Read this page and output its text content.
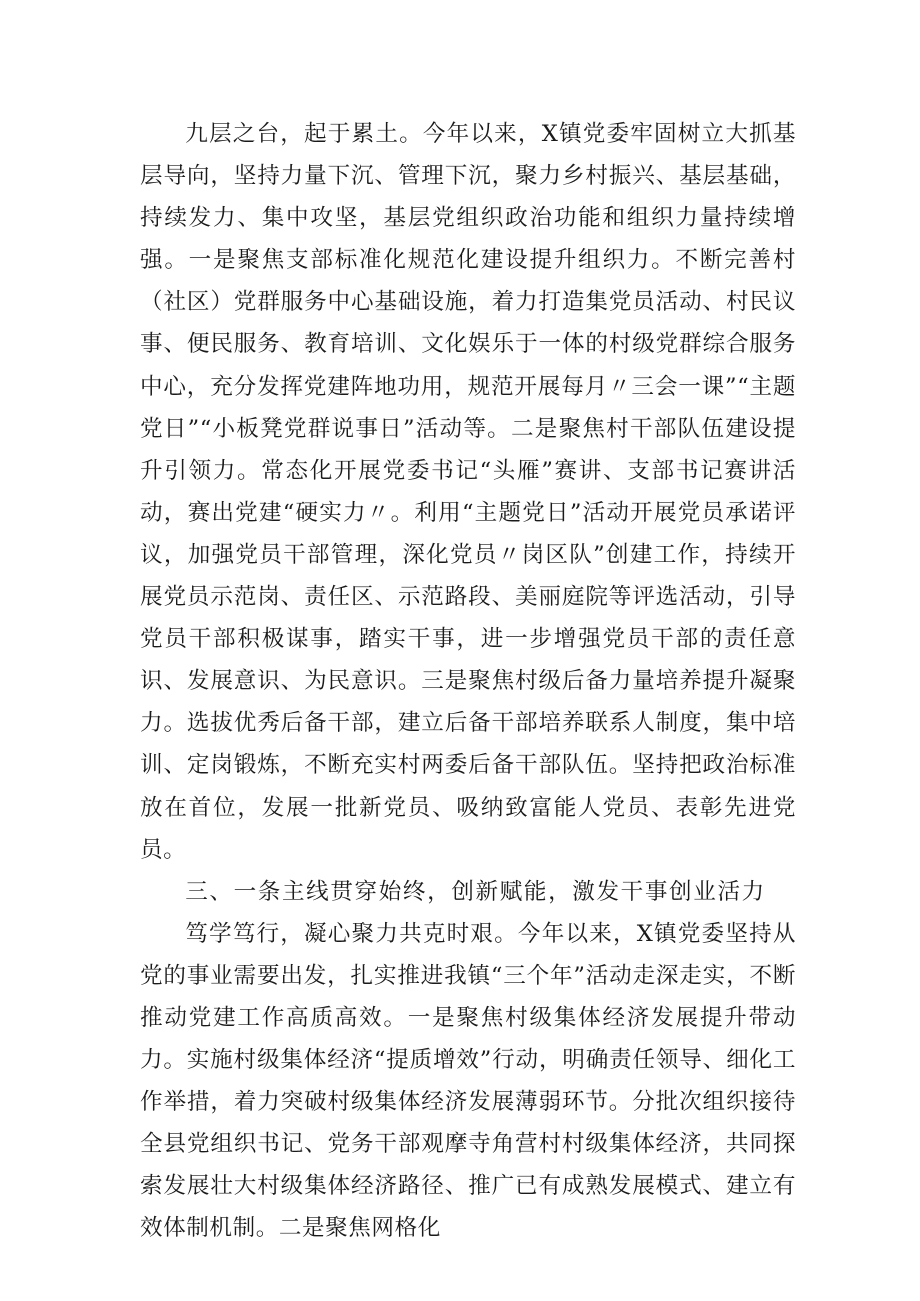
九层之台，起于累土。今年以来，X镇党委牢固树立大抓基层导向，坚持力量下沉、管理下沉，聚力乡村振兴、基层基础，持续发力、集中攻坚，基层党组织政治功能和组织力量持续增强。一是聚焦支部标准化规范化建设提升组织力。不断完善村（社区）党群服务中心基础设施，着力打造集党员活动、村民议事、便民服务、教育培训、文化娱乐于一体的村级党群综合服务中心，充分发挥党建阵地功用，规范开展每月〃三会一课”“主题党日”“小板凳党群说事日”活动等。二是聚焦村干部队伍建设提升引领力。常态化开展党委书记“头雁”赛讲、支部书记赛讲活动，赛出党建“硬实力〃。利用“主题党日”活动开展党员承诺评议，加强党员干部管理，深化党员〃岗区队”创建工作，持续开展党员示范岗、责任区、示范路段、美丽庭院等评选活动，引导党员干部积极谋事，踏实干事，进一步增强党员干部的责任意识、发展意识、为民意识。三是聚焦村级后备力量培养提升凝聚力。选拔优秀后备干部，建立后备干部培养联系人制度，集中培训、定岗锻炼，不断充实村两委后备干部队伍。坚持把政治标准放在首位，发展一批新党员、吸纳致富能人党员、表彰先进党员。

三、一条主线贯穿始终，创新赋能，激发干事创业活力

笃学笃行，凝心聚力共克时艰。今年以来，X镇党委坚持从党的事业需要出发，扎实推进我镇“三个年”活动走深走实，不断推动党建工作高质高效。一是聚焦村级集体经济发展提升带动力。实施村级集体经济“提质增效”行动，明确责任领导、细化工作举措，着力突破村级集体经济发展薄弱环节。分批次组织接待全县党组织书记、党务干部观摩寺角营村村级集体经济，共同探索发展壮大村级集体经济路径、推广已有成熟发展模式、建立有效体制机制。二是聚焦网格化
